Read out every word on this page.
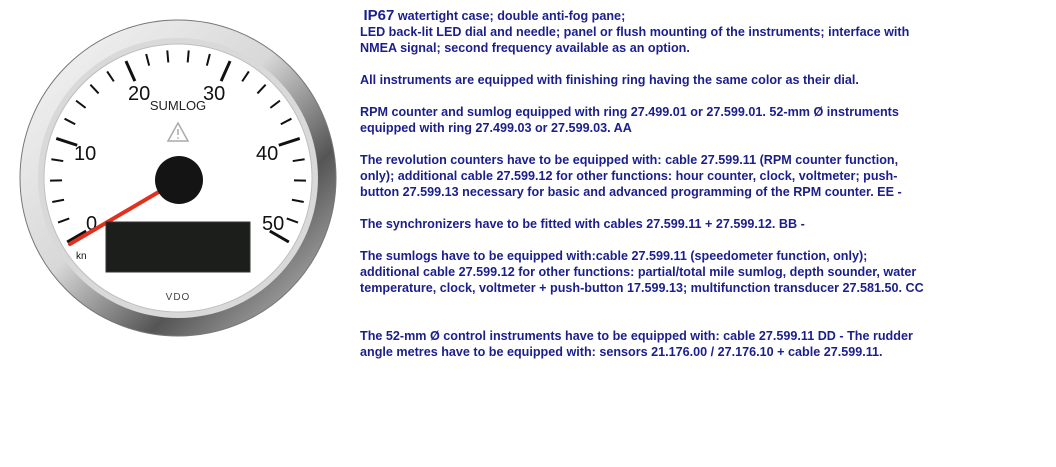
0
10
20	30
40
50
SUMLOG
kn
VDO

IP67 watertight case; double anti-fog pane;

LED back-lit LED dial and needle; panel or flush mounting of the instruments; interface with

NMEA signal; second frequency available as an option.

All instruments are equipped with finishing ring having the same color as their dial.

RPM counter and sumlog equipped with ring 27.499.01 or 27.599.01. 52-mm Ø instruments

equipped with ring 27.499.03 or 27.599.03. AA

The revolution counters have to be equipped with: cable 27.599.11 (RPM counter function,

only); additional cable 27.599.12 for other functions: hour counter, clock, voltmeter; push-

button 27.599.13 necessary for basic and advanced programming of the RPM counter. EE -

The synchronizers have to be fitted with cables 27.599.11 + 27.599.12. BB -

The sumlogs have to be equipped with:cable 27.599.11 (speedometer function, only);

additional cable 27.599.12 for other functions: partial/total mile sumlog, depth sounder, water

temperature, clock, voltmeter + push-button 17.599.13; multifunction transducer 27.581.50. CC

The 52-mm Ø control instruments have to be equipped with: cable 27.599.11 DD - The rudder

angle metres have to be equipped with: sensors 21.176.00 / 27.176.10 + cable 27.599.11.
